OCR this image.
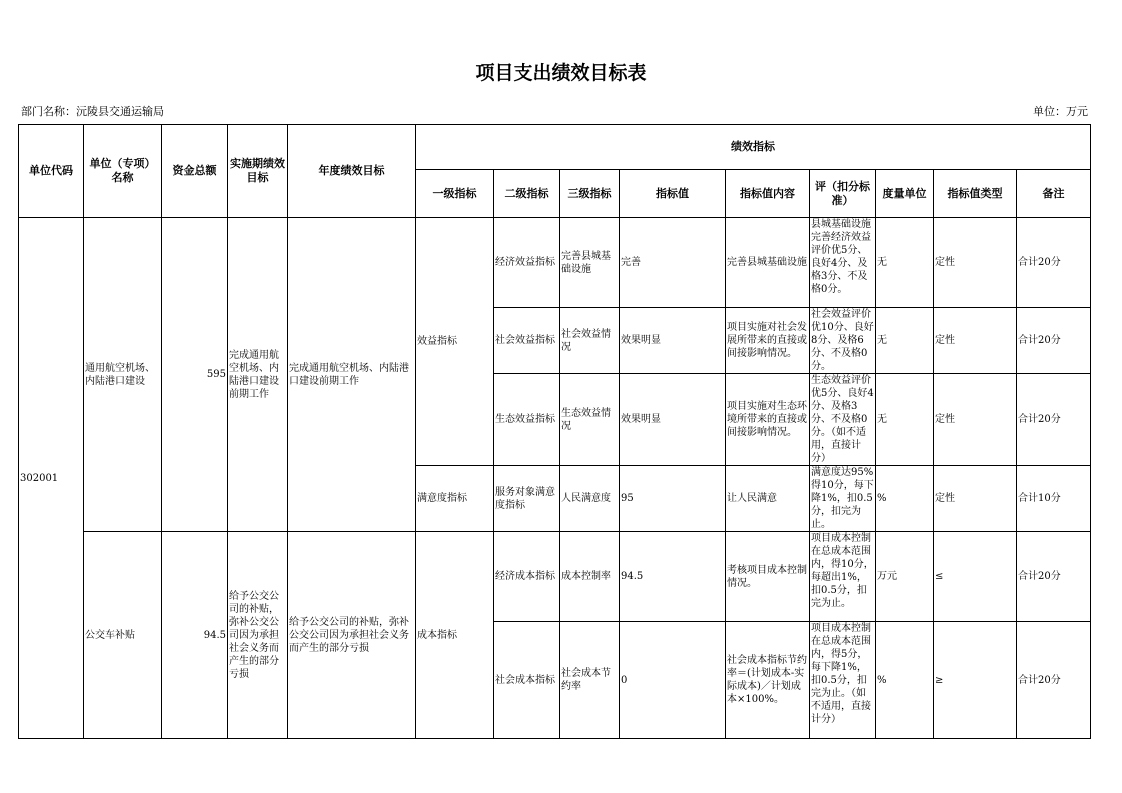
项目支出绩效目标表
部门名称：沅陵县交通运输局	单位：万元
单位代码	单位（专项）名称	资金总额	实施期绩效目标	年度绩效目标	绩效指标								
					一级指标	二级指标	三级指标	指标值	指标值内容	评（扣分标准）	度量单位	指标值类型	备注
302001	通用航空机场、内陆港口建设	595	完成通用航空机场、内陆港口建设前期工作	完成通用航空机场、内陆港口建设前期工作	效益指标	经济效益指标	完善县城基础设施	完善	完善县城基础设施	县城基础设施完善经济效益评价优5分、良好4分、及格3分、不及格0分。	无	定性	合计20分
						社会效益指标	社会效益情况	效果明显	项目实施对社会发展所带来的直接或间接影响情况。	社会效益评价优10分、良好8分、及格6分、不及格0分。	无	定性	合计20分
						生态效益指标	生态效益情况	效果明显	项目实施对生态环境所带来的直接或间接影响情况。	生态效益评价优5分、良好4分、及格3分、不及格0分。（如不适用，直接计分）	无	定性	合计20分
					满意度指标	服务对象满意度指标	人民满意度	95	让人民满意	满意度达95%得10分，每下降1%，扣0.5分，扣完为止。	%	定性	合计10分
	公交车补贴	94.5	给予公交公司的补贴，弥补公交公司因为承担社会义务而产生的部分亏损	给予公交公司的补贴，弥补公交公司因为承担社会义务而产生的部分亏损	成本指标	经济成本指标	成本控制率	94.5	考核项目成本控制情况。	项目成本控制在总成本范围内，得10分，每超出1%，扣0.5分，扣完为止。	万元	≤	合计20分
						社会成本指标	社会成本节约率	0	社会成本指标节约率＝(计划成本-实际成本)／计划成本×100%。	项目成本控制在总成本范围内，得5分，每下降1%，扣0.5分，扣完为止。（如不适用，直接计分）	%	≥	合计20分
